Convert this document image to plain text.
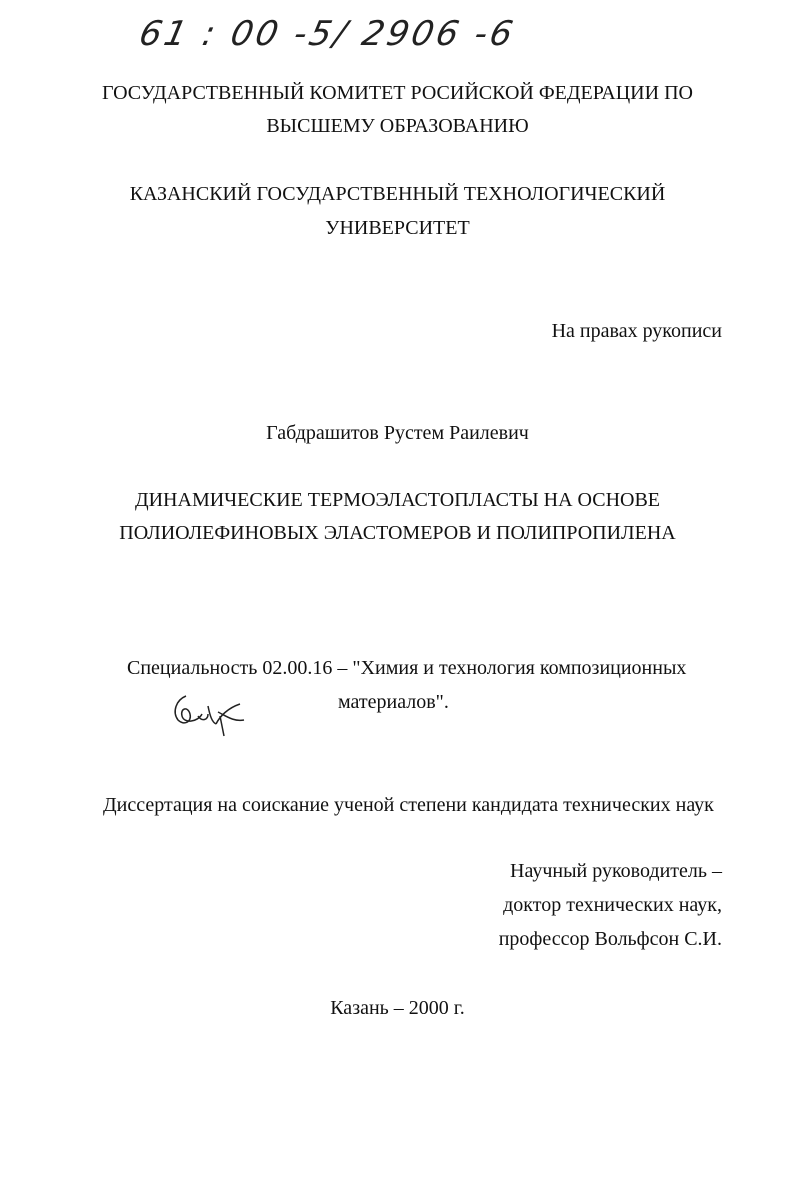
61 : 00 -5/ 2906 -6
ГОСУДАРСТВЕННЫЙ КОМИТЕТ РОСИЙСКОЙ ФЕДЕРАЦИИ ПО
ВЫСШЕМУ ОБРАЗОВАНИЮ
КАЗАНСКИЙ ГОСУДАРСТВЕННЫЙ ТЕХНОЛОГИЧЕСКИЙ
УНИВЕРСИТЕТ
На правах рукописи
Габдрашитов Рустем Раилевич
ДИНАМИЧЕСКИЕ ТЕРМОЭЛАСТОПЛАСТЫ НА ОСНОВЕ
ПОЛИОЛЕФИНОВЫХ ЭЛАСТОМЕРОВ И ПОЛИПРОПИЛЕНА
Специальность 02.00.16 – "Химия и технология композиционных
материалов".
Диссертация на соискание ученой степени кандидата технических наук
Научный руководитель –
доктор технических наук,
профессор Вольфсон С.И.
Казань – 2000 г.
